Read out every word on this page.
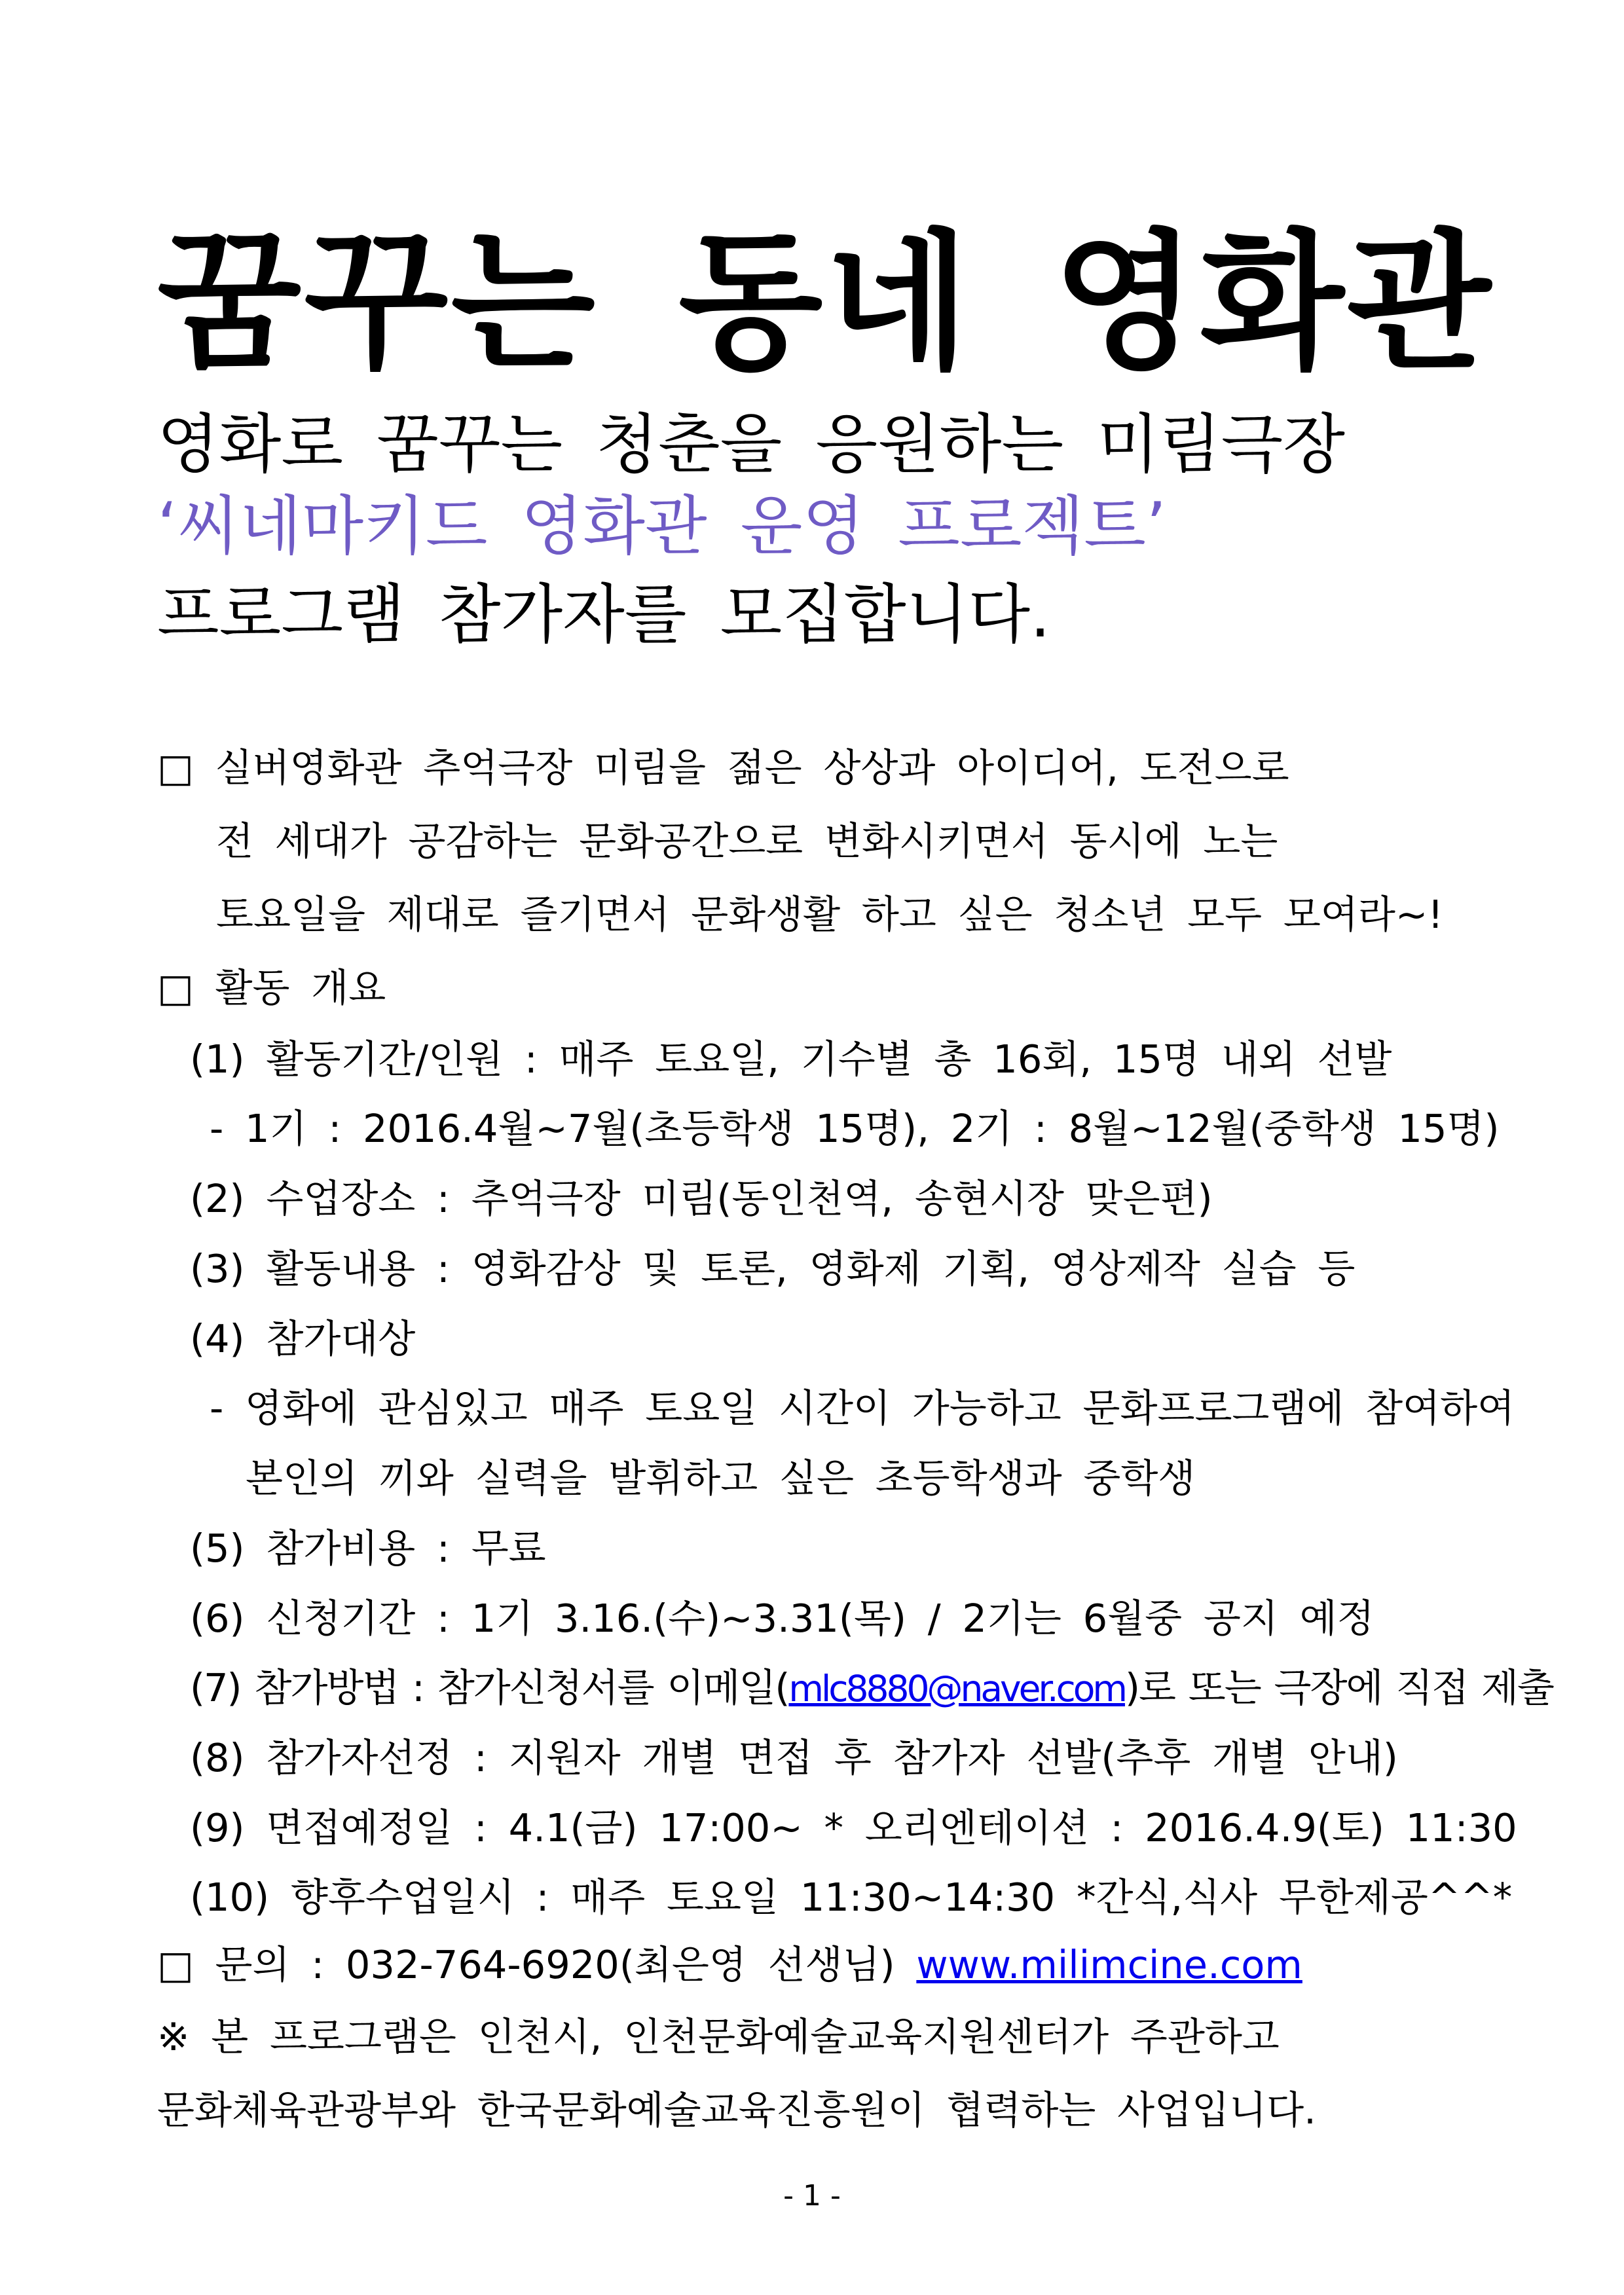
꿈꾸는 동네 영화관
영화로 꿈꾸는 청춘을 응원하는 미림극장
‘씨네마키드 영화관 운영 프로젝트’
프로그램 참가자를 모집합니다.
□ 실버영화관 추억극장 미림을 젊은 상상과 아이디어, 도전으로
전 세대가 공감하는 문화공간으로 변화시키면서 동시에 노는
토요일을 제대로 즐기면서 문화생활 하고 싶은 청소년 모두 모여라~!
□ 활동 개요
(1) 활동기간/인원 : 매주 토요일, 기수별 총 16회, 15명 내외 선발
- 1기 : 2016.4월~7월(초등학생 15명), 2기 : 8월~12월(중학생 15명)
(2) 수업장소 : 추억극장 미림(동인천역, 송현시장 맞은편)
(3) 활동내용 : 영화감상 및 토론, 영화제 기획, 영상제작 실습 등
(4) 참가대상
- 영화에 관심있고 매주 토요일 시간이 가능하고 문화프로그램에 참여하여
본인의 끼와 실력을 발휘하고 싶은 초등학생과 중학생
(5) 참가비용 : 무료
(6) 신청기간 : 1기 3.16.(수)~3.31(목) / 2기는 6월중 공지 예정
(7) 참가방법 : 참가신청서를 이메일(mlc8880@naver.com)로 또는 극장에 직접 제출
(8) 참가자선정 : 지원자 개별 면접 후 참가자 선발(추후 개별 안내)
(9) 면접예정일 : 4.1(금) 17:00~ * 오리엔테이션 : 2016.4.9(토) 11:30
(10) 향후수업일시 : 매주 토요일 11:30~14:30 *간식,식사 무한제공^^*
□ 문의 : 032-764-6920(최은영 선생님) www.milimcine.com
※ 본 프로그램은 인천시, 인천문화예술교육지원센터가 주관하고
문화체육관광부와 한국문화예술교육진흥원이 협력하는 사업입니다.
- 1 -
